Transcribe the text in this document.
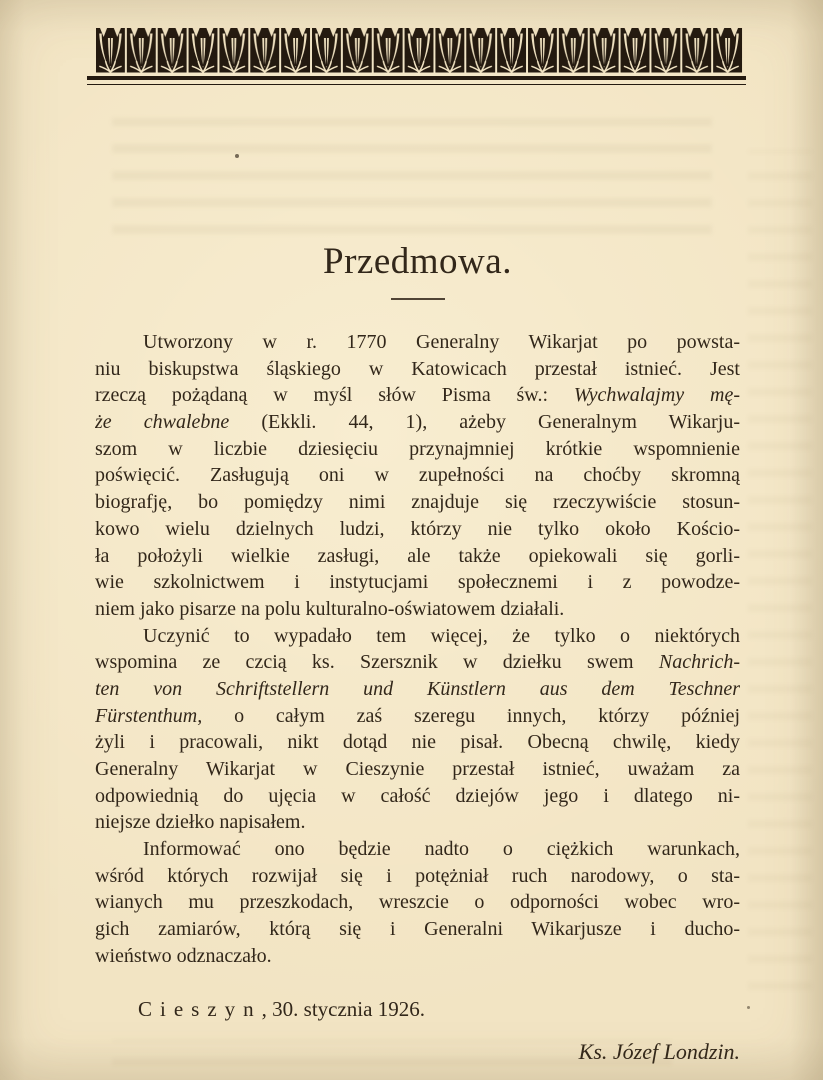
Przedmowa.
Utworzony w r. 1770 Generalny Wikarjat po powsta-
niu biskupstwa śląskiego w Katowicach przestał istnieć. Jest
rzeczą pożądaną w myśl słów Pisma św.: Wychwalajmy mę-
że chwalebne (Ekkli. 44, 1), ażeby Generalnym Wikarju-
szom w liczbie dziesięciu przynajmniej krótkie wspomnienie
poświęcić. Zasługują oni w zupełności na choćby skromną
biografję, bo pomiędzy nimi znajduje się rzeczywiście stosun-
kowo wielu dzielnych ludzi, którzy nie tylko około Kościo-
ła położyli wielkie zasługi, ale także opiekowali się gorli-
wie szkolnictwem i instytucjami społecznemi i z powodze-
niem jako pisarze na polu kulturalno-oświatowem działali.
Uczynić to wypadało tem więcej, że tylko o niektórych
wspomina ze czcią ks. Szersznik w dziełku swem Nachrich-
ten von Schriftstellern und Künstlern aus dem Teschner
Fürstenthum, o całym zaś szeregu innych, którzy później
żyli i pracowali, nikt dotąd nie pisał. Obecną chwilę, kiedy
Generalny Wikarjat w Cieszynie przestał istnieć, uważam za
odpowiednią do ujęcia w całość dziejów jego i dlatego ni-
niejsze dziełko napisałem.
Informować ono będzie nadto o ciężkich warunkach,
wśród których rozwijał się i potężniał ruch narodowy, o sta-
wianych mu przeszkodach, wreszcie o odporności wobec wro-
gich zamiarów, którą się i Generalni Wikarjusze i ducho-
wieństwo odznaczało.
Cieszyn, 30. stycznia 1926.
Ks. Józef Londzin.
